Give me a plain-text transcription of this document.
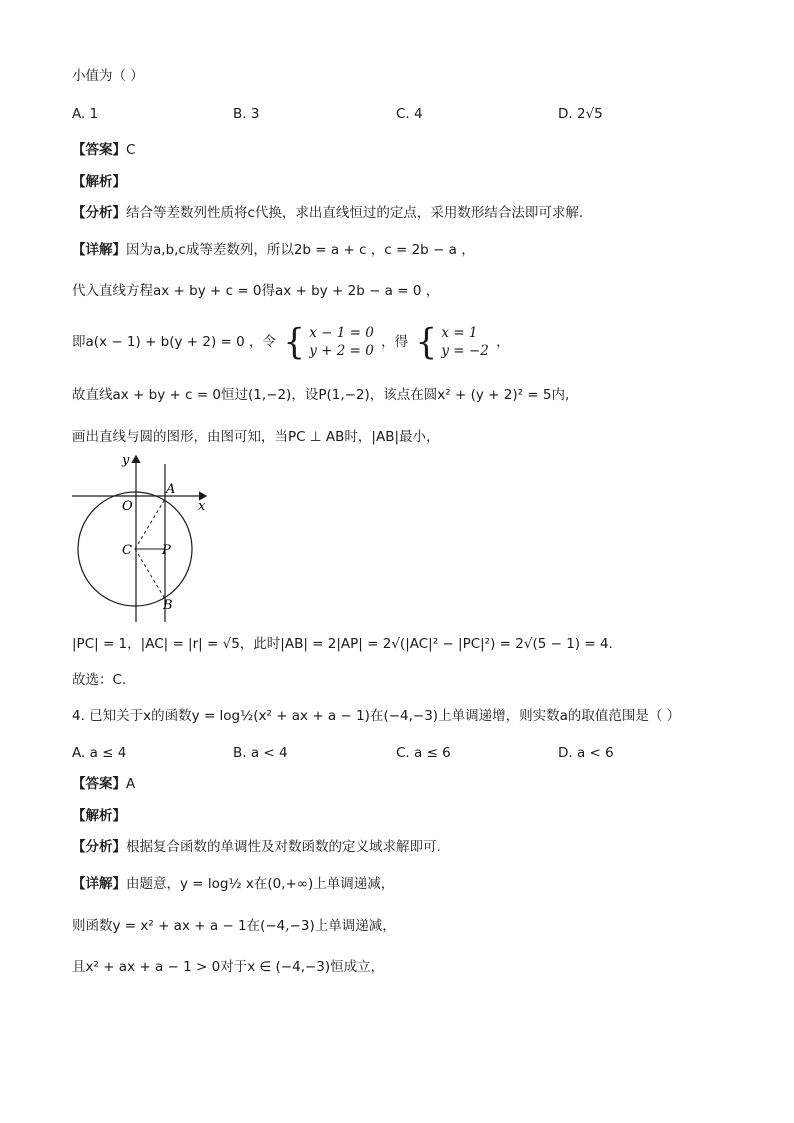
小值为（ ）
A. 1	B. 3	C. 4	D. 2√5
【答案】C
【解析】
【分析】结合等差数列性质将c代换，求出直线恒过的定点，采用数形结合法即可求解.
【详解】因为a,b,c成等差数列，所以2b = a + c ，c = 2b − a ，
代入直线方程ax + by + c = 0得ax + by + 2b − a = 0 ，
即a(x − 1) + b(y + 2) = 0 ，令 { x − 1 = 0
y + 2 = 0 ，得 { x = 1
y = −2 ，
故直线ax + by + c = 0恒过(1,−2)，设P(1,−2)，该点在圆x² + (y + 2)² = 5内,
画出直线与圆的图形，由图可知，当PC ⊥ AB时，|AB|最小，
y
x
O
A
C P
B
|PC| = 1，|AC| = |r| = √5，此时|AB| = 2|AP| = 2√(|AC|² − |PC|²) = 2√(5 − 1) = 4.
故选：C.
4. 已知关于x的函数y = log½(x² + ax + a − 1)在(−4,−3)上单调递增，则实数a的取值范围是（ ）
A. a ≤ 4	B. a < 4	C. a ≤ 6	D. a < 6
【答案】A
【解析】
【分析】根据复合函数的单调性及对数函数的定义域求解即可.
【详解】由题意，y = log½ x在(0,+∞)上单调递减，
则函数y = x² + ax + a − 1在(−4,−3)上单调递减，
且x² + ax + a − 1 > 0对于x ∈ (−4,−3)恒成立，
